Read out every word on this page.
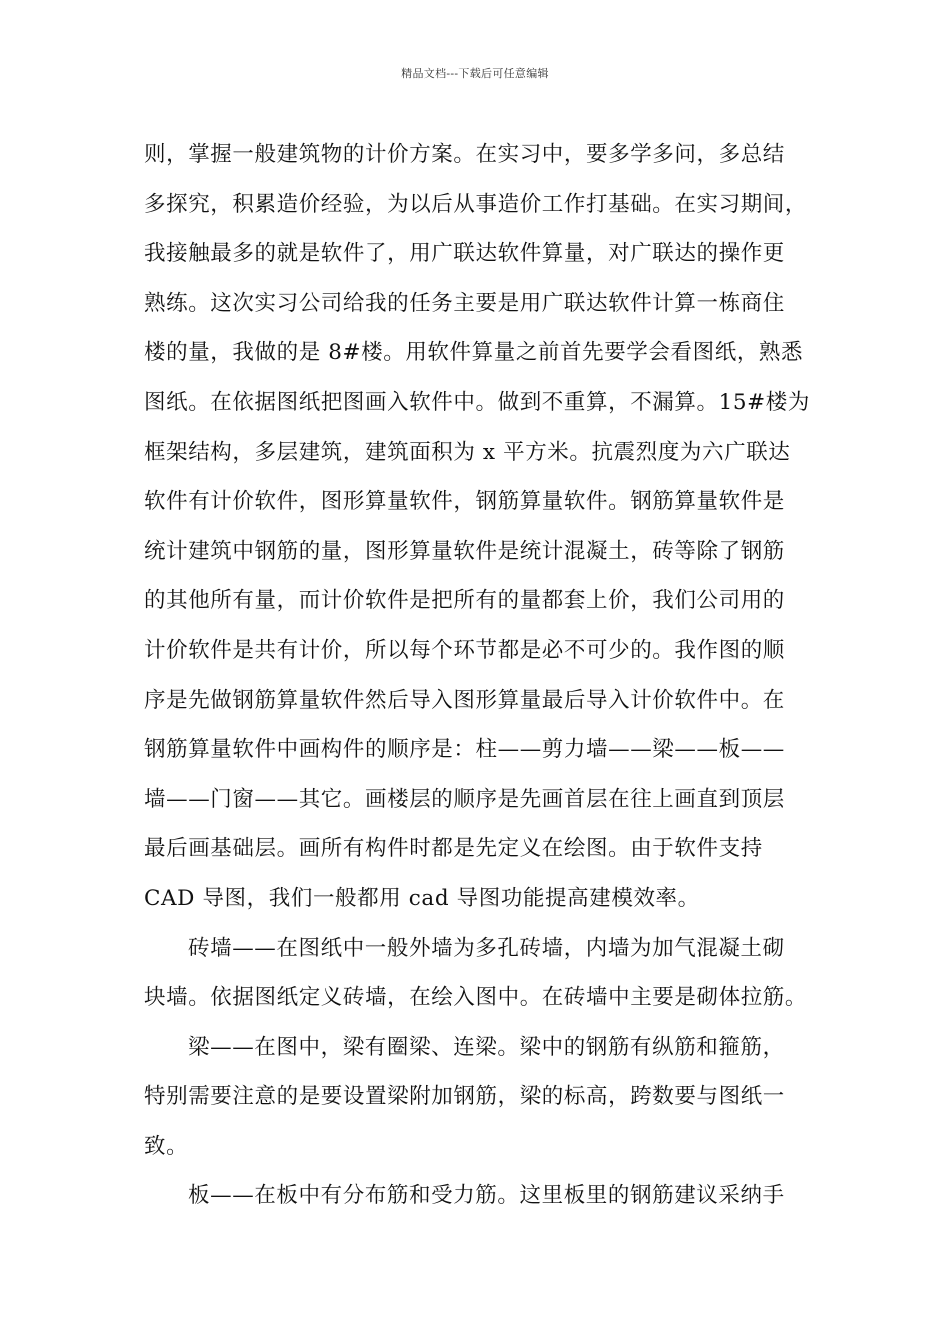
精品文档---下载后可任意编辑
则，掌握一般建筑物的计价方案。在实习中，要多学多问，多总结
多探究，积累造价经验，为以后从事造价工作打基础。在实习期间，
我接触最多的就是软件了，用广联达软件算量，对广联达的操作更
熟练。这次实习公司给我的任务主要是用广联达软件计算一栋商住
楼的量，我做的是 8#楼。用软件算量之前首先要学会看图纸，熟悉
图纸。在依据图纸把图画入软件中。做到不重算，不漏算。15#楼为
框架结构，多层建筑，建筑面积为 x 平方米。抗震烈度为六广联达
软件有计价软件，图形算量软件，钢筋算量软件。钢筋算量软件是
统计建筑中钢筋的量，图形算量软件是统计混凝土，砖等除了钢筋
的其他所有量，而计价软件是把所有的量都套上价，我们公司用的
计价软件是共有计价，所以每个环节都是必不可少的。我作图的顺
序是先做钢筋算量软件然后导入图形算量最后导入计价软件中。在
钢筋算量软件中画构件的顺序是：柱——剪力墙——梁——板——
墙——门窗——其它。画楼层的顺序是先画首层在往上画直到顶层
最后画基础层。画所有构件时都是先定义在绘图。由于软件支持
CAD 导图，我们一般都用 cad 导图功能提高建模效率。
砖墙——在图纸中一般外墙为多孔砖墙，内墙为加气混凝土砌
块墙。依据图纸定义砖墙，在绘入图中。在砖墙中主要是砌体拉筋。
梁——在图中，梁有圈梁、连梁。梁中的钢筋有纵筋和箍筋，
特别需要注意的是要设置梁附加钢筋，梁的标高，跨数要与图纸一
致。
板——在板中有分布筋和受力筋。这里板里的钢筋建议采纳手
